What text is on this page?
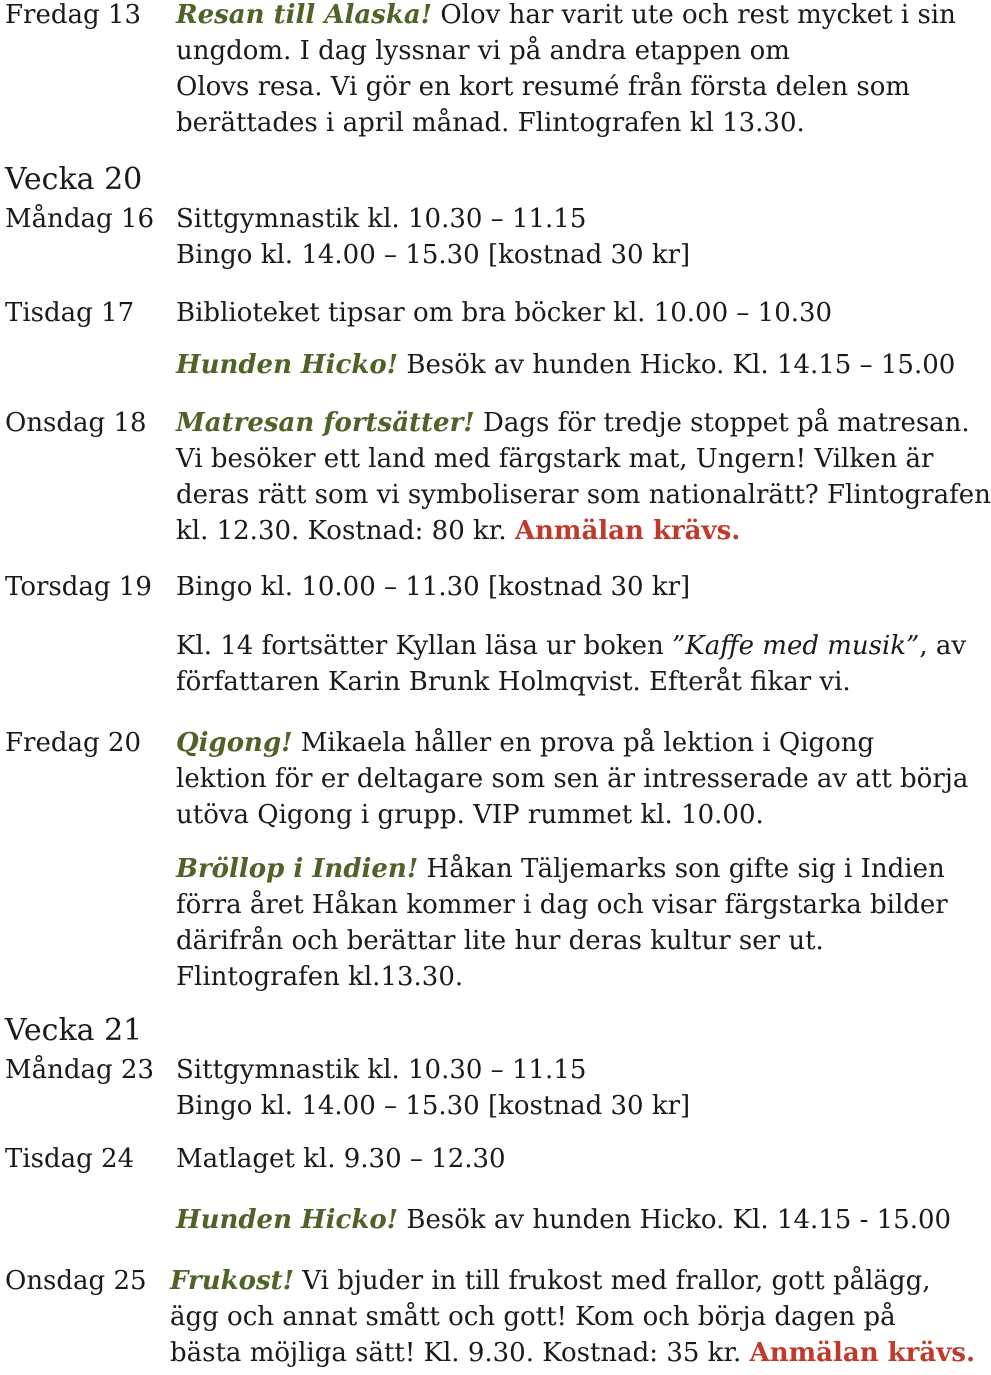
Fredag 13 Resan till Alaska! Olov har varit ute och rest mycket i sin
ungdom. I dag lyssnar vi på andra etappen om
Olovs resa. Vi gör en kort resumé från första delen som
berättades i april månad. Flintografen kl 13.30.
Vecka 20
Måndag 16 Sittgymnastik kl. 10.30 – 11.15
Bingo kl. 14.00 – 15.30 [kostnad 30 kr]
Tisdag 17 Biblioteket tipsar om bra böcker kl. 10.00 – 10.30
Hunden Hicko! Besök av hunden Hicko. Kl. 14.15 – 15.00
Onsdag 18 Matresan fortsätter! Dags för tredje stoppet på matresan.
Vi besöker ett land med färgstark mat, Ungern! Vilken är
deras rätt som vi symboliserar som nationalrätt? Flintografen
kl. 12.30. Kostnad: 80 kr. Anmälan krävs.
Torsdag 19 Bingo kl. 10.00 – 11.30 [kostnad 30 kr]
Kl. 14 fortsätter Kyllan läsa ur boken ”Kaffe med musik”, av
författaren Karin Brunk Holmqvist. Efteråt fikar vi.
Fredag 20 Qigong! Mikaela håller en prova på lektion i Qigong
lektion för er deltagare som sen är intresserade av att börja
utöva Qigong i grupp. VIP rummet kl. 10.00.
Bröllop i Indien! Håkan Täljemarks son gifte sig i Indien
förra året Håkan kommer i dag och visar färgstarka bilder
därifrån och berättar lite hur deras kultur ser ut.
Flintografen kl.13.30.
Vecka 21
Måndag 23 Sittgymnastik kl. 10.30 – 11.15
Bingo kl. 14.00 – 15.30 [kostnad 30 kr]
Tisdag 24 Matlaget kl. 9.30 – 12.30
Hunden Hicko! Besök av hunden Hicko. Kl. 14.15 - 15.00
Onsdag 25 Frukost! Vi bjuder in till frukost med frallor, gott pålägg,
ägg och annat smått och gott! Kom och börja dagen på
bästa möjliga sätt! Kl. 9.30. Kostnad: 35 kr. Anmälan krävs.
